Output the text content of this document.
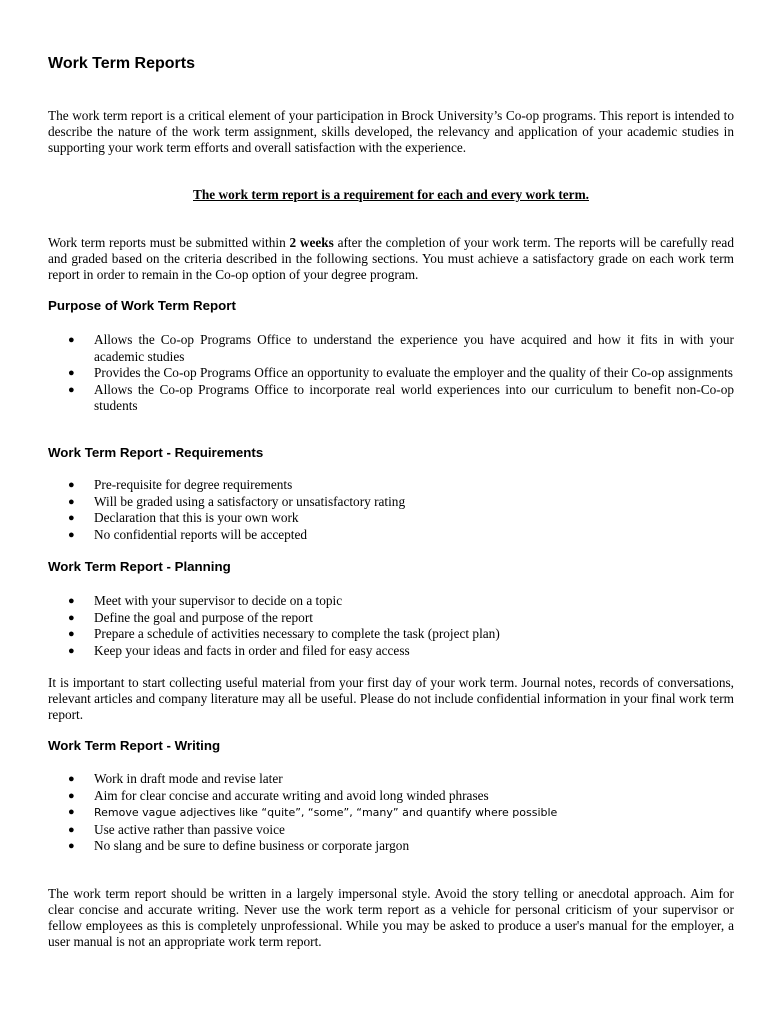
Work Term Reports

The work term report is a critical element of your participation in Brock University’s Co-op programs. This report is intended to describe the nature of the work term assignment, skills developed, the relevancy and application of your academic studies in supporting your work term efforts and overall satisfaction with the experience.

The work term report is a requirement for each and every work term.

Work term reports must be submitted within 2 weeks after the completion of your work term. The reports will be carefully read and graded based on the criteria described in the following sections. You must achieve a satisfactory grade on each work term report in order to remain in the Co-op option of your degree program.

Purpose of Work Term Report
● Allows the Co-op Programs Office to understand the experience you have acquired and how it fits in with your academic studies
● Provides the Co-op Programs Office an opportunity to evaluate the employer and the quality of their Co-op assignments
● Allows the Co-op Programs Office to incorporate real world experiences into our curriculum to benefit non-Co-op students
Work Term Report - Requirements
● Pre-requisite for degree requirements
● Will be graded using a satisfactory or unsatisfactory rating
● Declaration that this is your own work
● No confidential reports will be accepted
Work Term Report - Planning
● Meet with your supervisor to decide on a topic
● Define the goal and purpose of the report
● Prepare a schedule of activities necessary to complete the task (project plan)
● Keep your ideas and facts in order and filed for easy access

It is important to start collecting useful material from your first day of your work term. Journal notes, records of conversations, relevant articles and company literature may all be useful. Please do not include confidential information in your final work term report.

Work Term Report - Writing
● Work in draft mode and revise later
● Aim for clear concise and accurate writing and avoid long winded phrases
● Remove vague adjectives like “quite”, “some”, “many” and quantify where possible
● Use active rather than passive voice
● No slang and be sure to define business or corporate jargon

The work term report should be written in a largely impersonal style. Avoid the story telling or anecdotal approach. Aim for clear concise and accurate writing. Never use the work term report as a vehicle for personal criticism of your supervisor or fellow employees as this is completely unprofessional. While you may be asked to produce a user's manual for the employer, a user manual is not an appropriate work term report.
